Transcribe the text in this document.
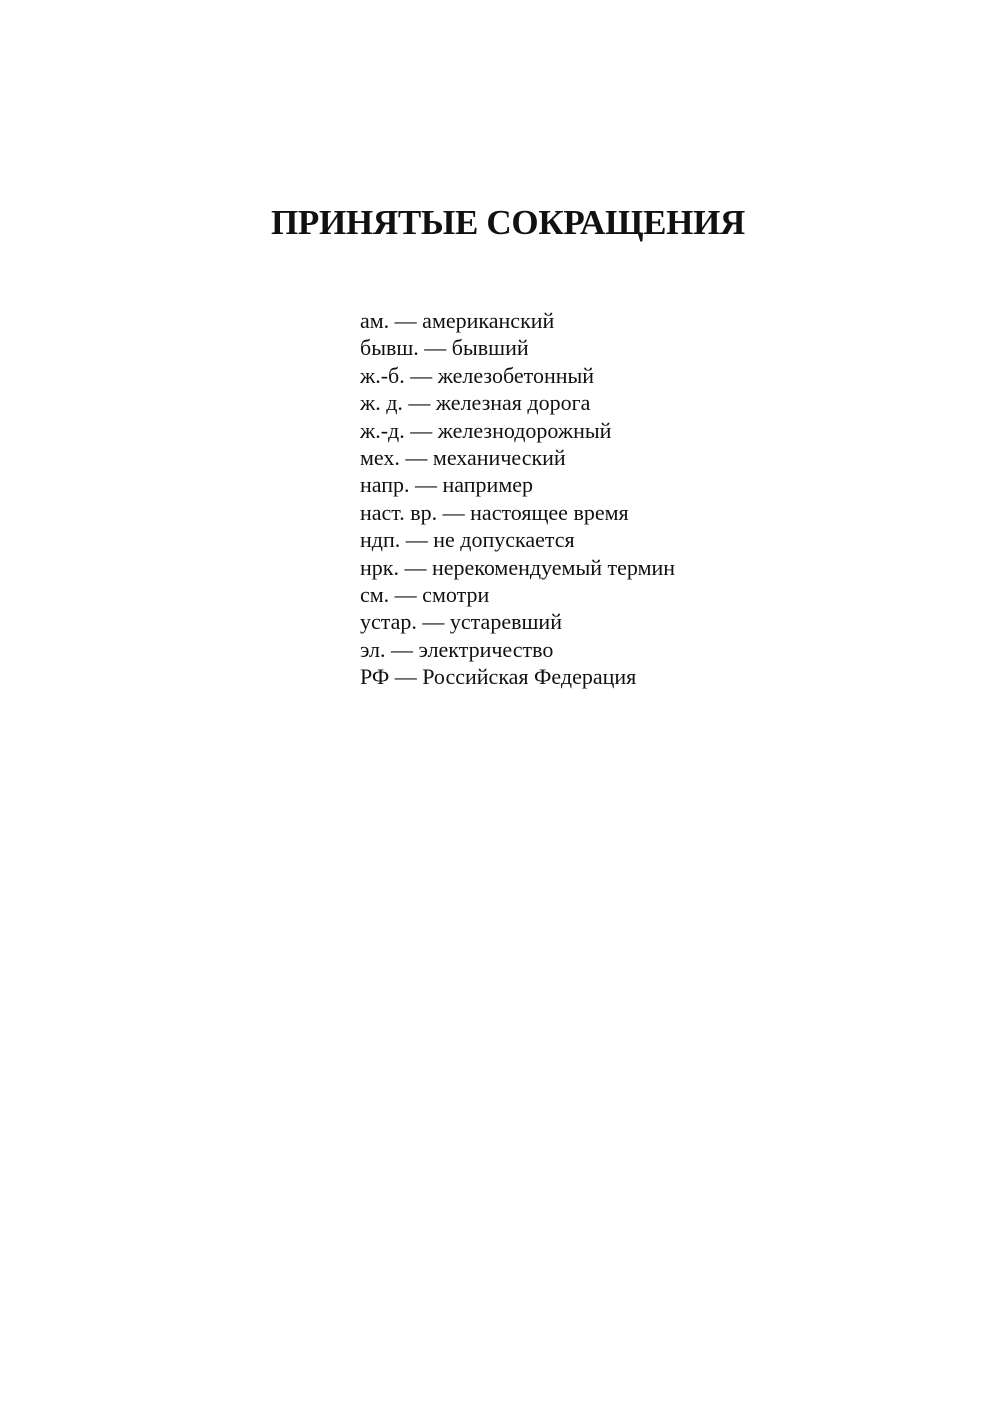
ПРИНЯТЫЕ СОКРАЩЕНИЯ
ам. — американский
бывш. — бывший
ж.-б. — железобетонный
ж. д. — железная дорога
ж.-д. — железнодорожный
мех. — механический
напр. — например
наст. вр. — настоящее время
ндп. — не допускается
нрк. — нерекомендуемый термин
см. — смотри
устар. — устаревший
эл. — электричество
РФ — Российская Федерация
